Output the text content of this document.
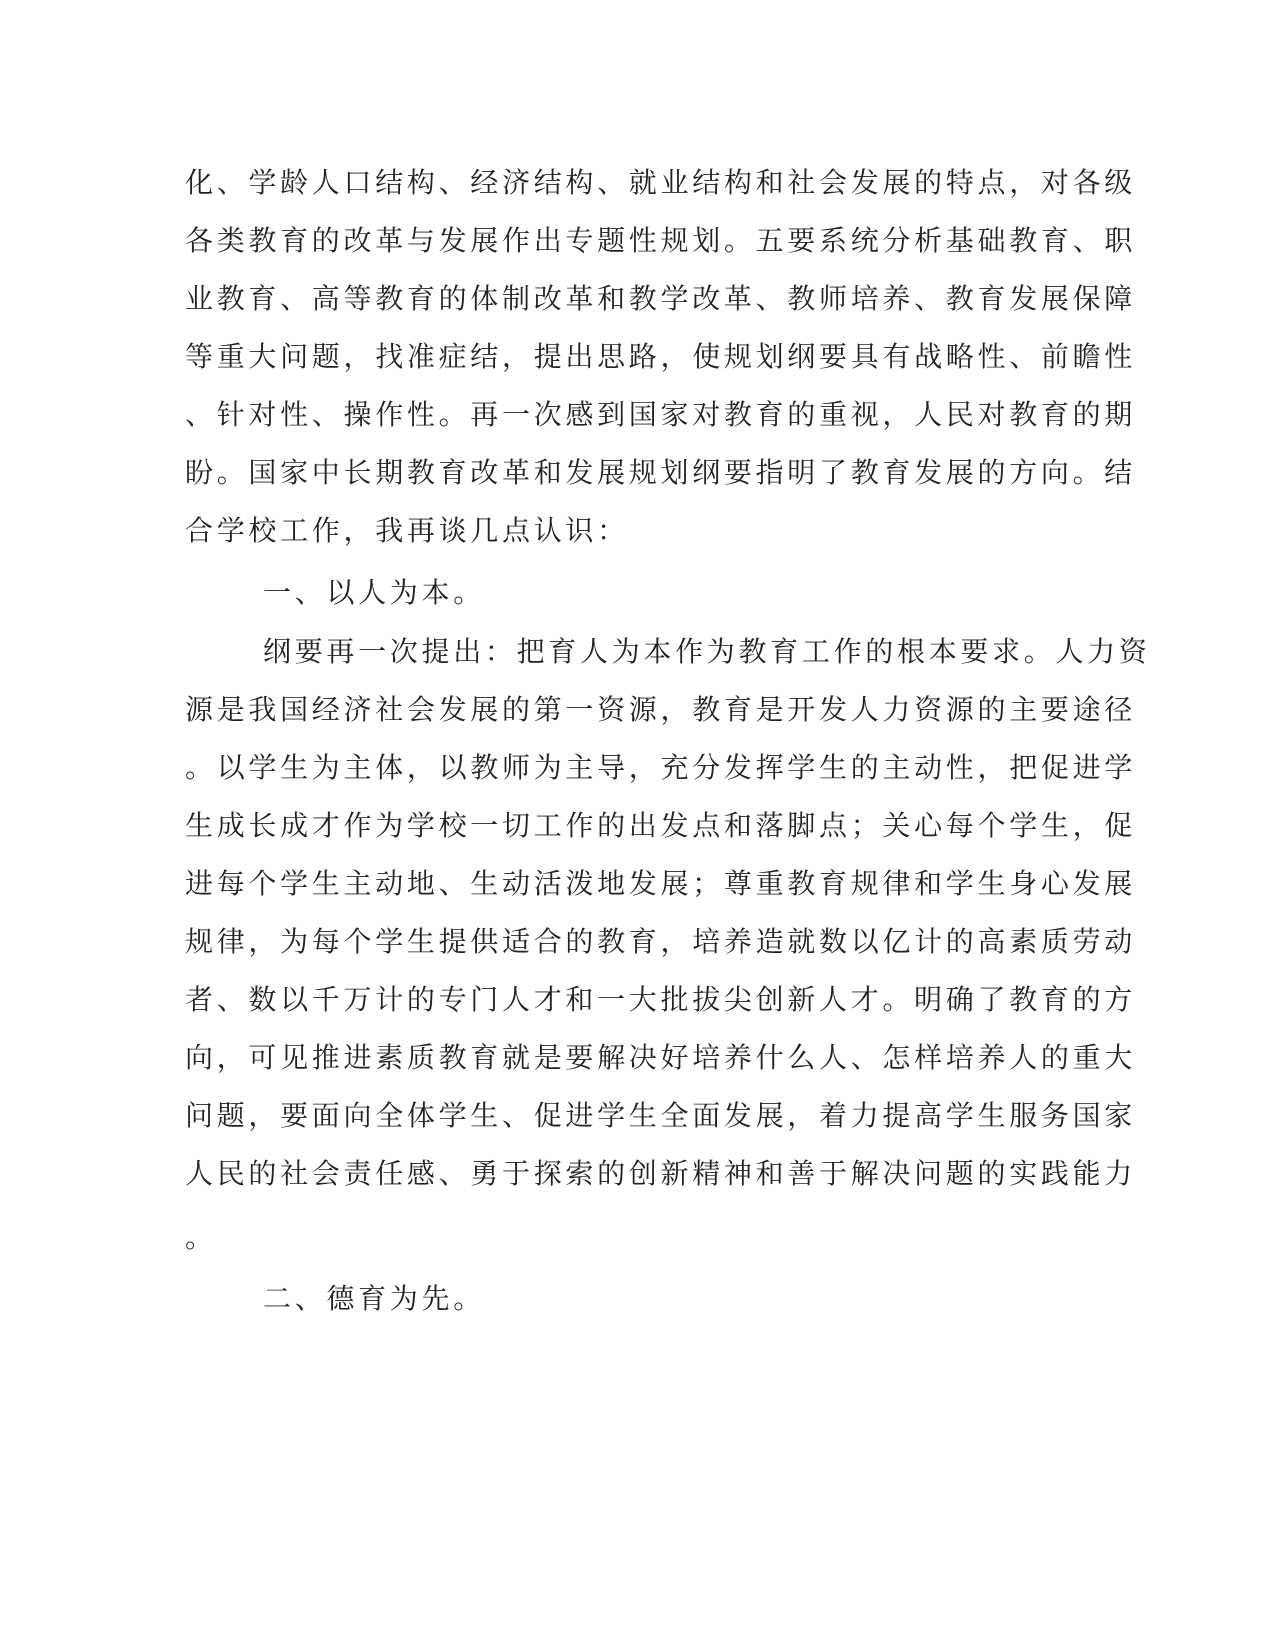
化、学龄人口结构、经济结构、就业结构和社会发展的特点，对各级
各类教育的改革与发展作出专题性规划。五要系统分析基础教育、职
业教育、高等教育的体制改革和教学改革、教师培养、教育发展保障
等重大问题，找准症结，提出思路，使规划纲要具有战略性、前瞻性
、针对性、操作性。再一次感到国家对教育的重视，人民对教育的期
盼。国家中长期教育改革和发展规划纲要指明了教育发展的方向。结
合学校工作，我再谈几点认识：
一、以人为本。
纲要再一次提出：把育人为本作为教育工作的根本要求。人力资
源是我国经济社会发展的第一资源，教育是开发人力资源的主要途径
。以学生为主体，以教师为主导，充分发挥学生的主动性，把促进学
生成长成才作为学校一切工作的出发点和落脚点；关心每个学生，促
进每个学生主动地、生动活泼地发展；尊重教育规律和学生身心发展
规律，为每个学生提供适合的教育，培养造就数以亿计的高素质劳动
者、数以千万计的专门人才和一大批拔尖创新人才。明确了教育的方
向，可见推进素质教育就是要解决好培养什么人、怎样培养人的重大
问题，要面向全体学生、促进学生全面发展，着力提高学生服务国家
人民的社会责任感、勇于探索的创新精神和善于解决问题的实践能力
。
二、德育为先。
